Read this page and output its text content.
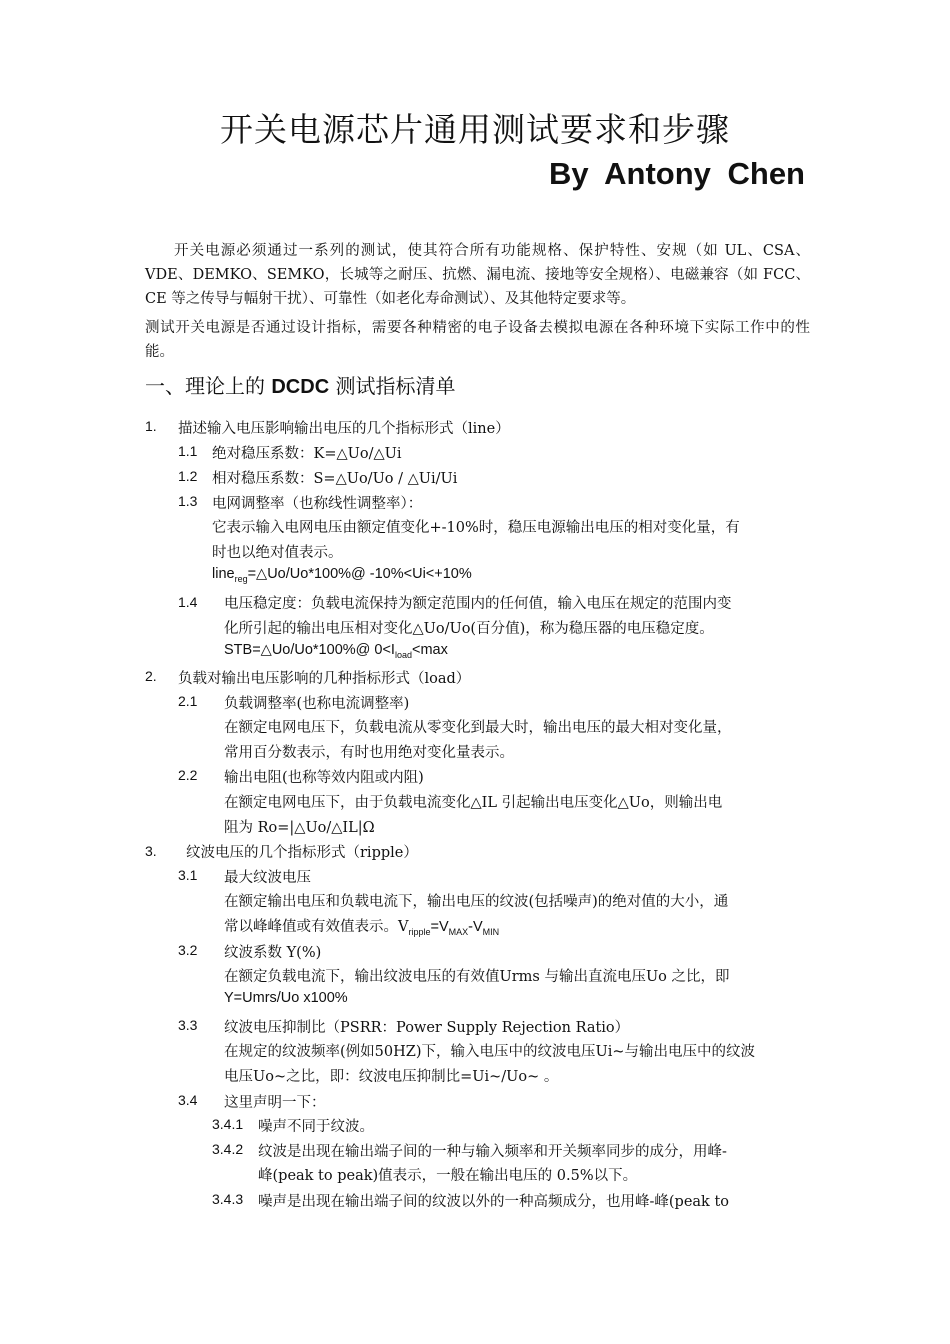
开关电源芯片通用测试要求和步骤
By Antony Chen

开关电源必须通过一系列的测试，使其符合所有功能规格、保护特性、安规（如 UL、CSA、VDE、DEMKO、SEMKO，长城等之耐压、抗燃、漏电流、接地等安全规格）、电磁兼容（如 FCC、CE 等之传导与幅射干扰）、可靠性（如老化寿命测试）、及其他特定要求等。

测试开关电源是否通过设计指标，需要各种精密的电子设备去模拟电源在各种环境下实际工作中的性能。

一、理论上的 DCDC 测试指标清单
1. 描述输入电压影响输出电压的几个指标形式（line）
1.1 绝对稳压系数：K=△Uo/△Ui
1.2 相对稳压系数：S=△Uo/Uo / △Ui/Ui
1.3 电网调整率（也称线性调整率）：
它表示输入电网电压由额定值变化+-10%时，稳压电源输出电压的相对变化量，有
时也以绝对值表示。
line$_{reg}$=△Uo/Uo*100%@ -10%<Ui<+10%
1.4 电压稳定度：负载电流保持为额定范围内的任何值，输入电压在规定的范围内变
化所引起的输出电压相对变化△Uo/Uo(百分值)，称为稳压器的电压稳定度。
STB=△Uo/Uo*100%@ $0<I_{load}<\max$
2. 负载对输出电压影响的几种指标形式（load）
2.1 负载调整率(也称电流调整率)
在额定电网电压下，负载电流从零变化到最大时，输出电压的最大相对变化量，
常用百分数表示，有时也用绝对变化量表示。
2.2 输出电阻(也称等效内阻或内阻)
在额定电网电压下，由于负载电流变化△IL 引起输出电压变化△Uo，则输出电
阻为 Ro=|△Uo/△IL|Ω
3. 纹波电压的几个指标形式（ripple）
3.1 最大纹波电压
在额定输出电压和负载电流下，输出电压的纹波(包括噪声)的绝对值的大小，通
常以峰峰值或有效值表示。$V_{ripple}=V_{MAX}-V_{MIN}$
3.2 纹波系数 Y(%)
在额定负载电流下，输出纹波电压的有效值Urms 与输出直流电压Uo 之比，即
Y=Umrs/Uo x100%
3.3 纹波电压抑制比（PSRR：Power Supply Rejection Ratio）
在规定的纹波频率(例如50HZ)下，输入电压中的纹波电压Ui~与输出电压中的纹波
电压Uo~之比，即：纹波电压抑制比=Ui~/Uo~ 。
3.4 这里声明一下：
3.4.1 噪声不同于纹波。
3.4.2 纹波是出现在输出端子间的一种与输入频率和开关频率同步的成分，用峰-
峰(peak to peak)值表示，一般在输出电压的 0.5%以下。
3.4.3 噪声是出现在输出端子间的纹波以外的一种高频成分，也用峰-峰(peak to
